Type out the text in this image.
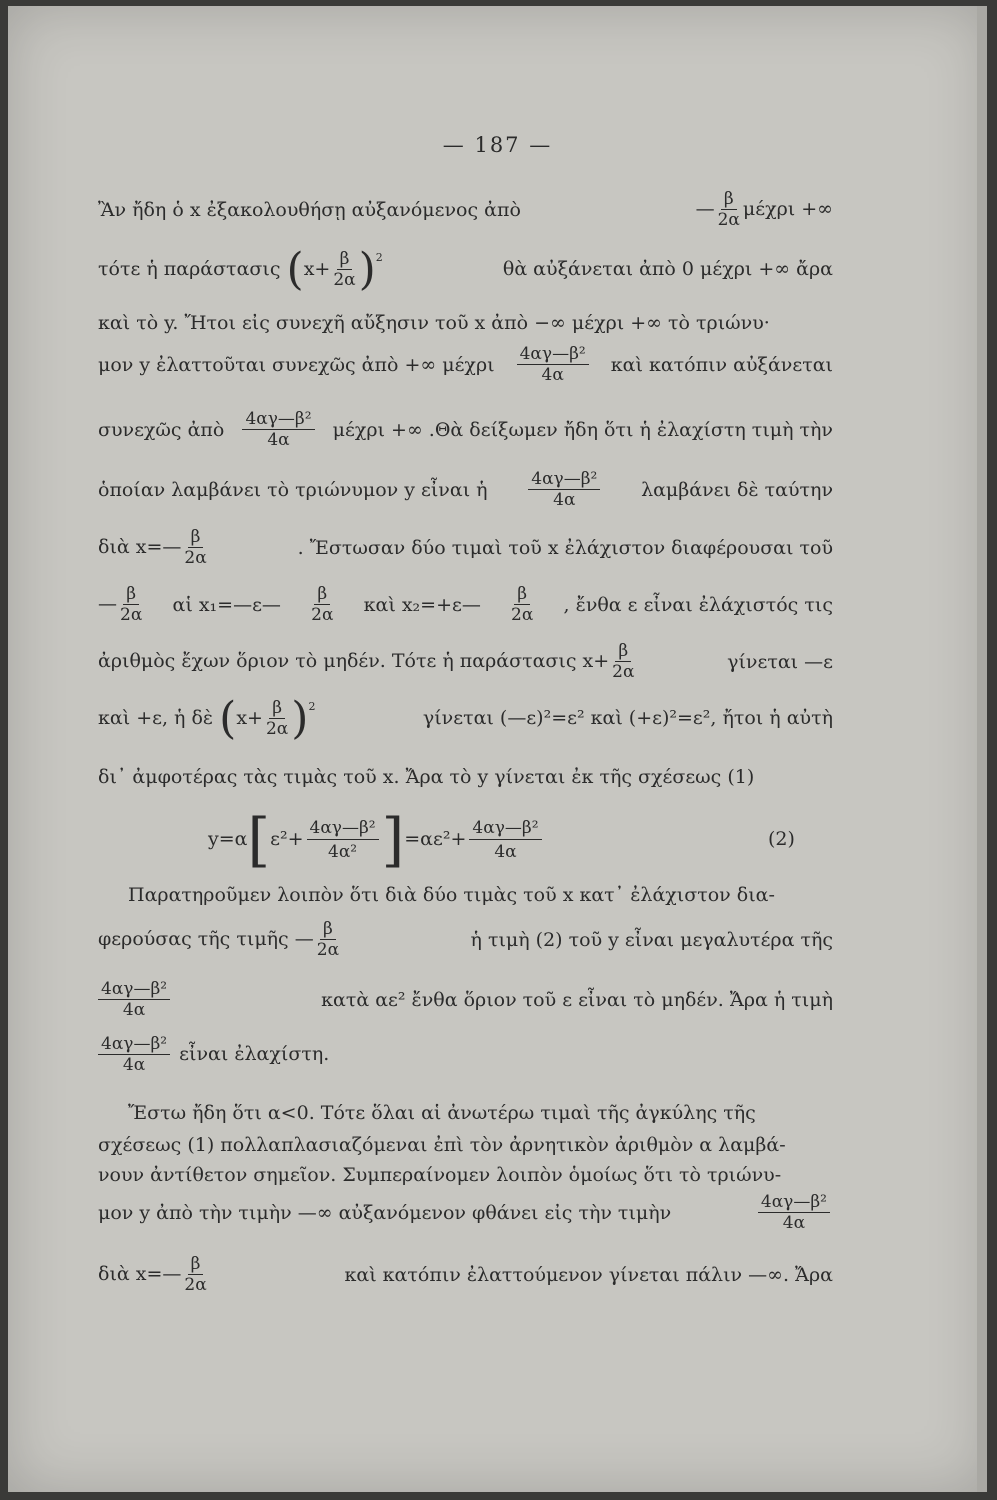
— 187 —
Ἂν ἤδη ὁ x ἐξακολουθήσῃ αὐξανόμενος ἀπὸ	— $\frac{\beta}{2\alpha}$ μέχρι +∞
τότε ἡ παράστασις $(x+ \frac{\beta}{2\alpha} )^2$
θὰ αὐξάνεται ἀπὸ 0 μέχρι +∞ ἄρα
καὶ τὸ y. Ἤτοι εἰς συνεχῆ αὔξησιν τοῦ x ἀπὸ −∞ μέχρι +∞ τὸ τριώνυ·
μον y ἐλαττοῦται συνεχῶς ἀπὸ +∞ μέχρι $\frac{\text{4αγ—β²}}{4\alpha}$ καὶ κατόπιν αὐξάνεται
συνεχῶς ἀπὸ $\frac{\text{4αγ—β²}}{4\alpha}$ μέχρι +∞ .Θὰ δείξωμεν ἤδη ὅτι ἡ ἐλαχίστη τιμὴ τὴν
ὁποίαν λαμβάνει τὸ τριώνυμον y εἶναι ἡ $\frac{\text{4αγ—β²}}{4\alpha}$ λαμβάνει δὲ ταύτην
διὰ x=— $\frac{\beta}{2\alpha}$	. Ἔστωσαν δύο τιμαὶ τοῦ x ἐλάχιστον διαφέρουσαι τοῦ
— $\frac{\beta}{2\alpha}$ αἱ x₁=—ε— $\frac{\beta}{2\alpha}$ καὶ x₂=+ε— $\frac{\beta}{2\alpha}$ , ἔνθα ε εἶναι ἐλάχιστός τις
ἀριθμὸς ἔχων ὅριον τὸ μηδέν. Τότε ἡ παράστασις $x+ \frac{\beta}{2\alpha}$	γίνεται —ε
καὶ +ε, ἡ δὲ $(x+ \frac{\beta}{2\alpha} )^2$
γίνεται (—ε)²=ε² καὶ (+ε)²=ε², ἤτοι ἡ αὐτὴ
δι᾽ ἀμφοτέρας τὰς τιμὰς τοῦ x. Ἄρα τὸ y γίνεται ἐκ τῆς σχέσεως (1)
$y=\alpha[\varepsilon^2+ \frac{\text{4αγ—β²}}{\text{4α²}} ]=\alpha\varepsilon^2+ \frac{\text{4αγ—β²}}{4\alpha}$	(2)
Παρατηροῦμεν λοιπὸν ὅτι διὰ δύο τιμὰς τοῦ x κατ᾽ ἐλάχιστον δια-
φερούσας τῆς τιμῆς — $\frac{\beta}{2\alpha}$	ἡ τιμὴ (2) τοῦ y εἶναι μεγαλυτέρα τῆς
$\frac{\text{4αγ—β²}}{4\alpha}$	κατὰ αε² ἔνθα ὅριον τοῦ ε εἶναι τὸ μηδέν. Ἄρα ἡ τιμὴ
$\frac{\text{4αγ—β²}}{4\alpha}$ εἶναι ἐλαχίστη.
Ἔστω ἤδη ὅτι α<0. Τότε ὅλαι αἱ ἀνωτέρω τιμαὶ τῆς ἀγκύλης τῆς
σχέσεως (1) πολλαπλασιαζόμεναι ἐπὶ τὸν ἀρνητικὸν ἀριθμὸν α λαμβά-
νουν ἀντίθετον σημεῖον. Συμπεραίνομεν λοιπὸν ὁμοίως ὅτι τὸ τριώνυ-
μον y ἀπὸ τὴν τιμὴν —∞ αὐξανόμενον φθάνει εἰς τὴν τιμὴν	$\frac{\text{4αγ—β²}}{4\alpha}$
διὰ x=— $\frac{\beta}{2\alpha}$	καὶ κατόπιν ἐλαττούμενον γίνεται πάλιν —∞. Ἄρα
